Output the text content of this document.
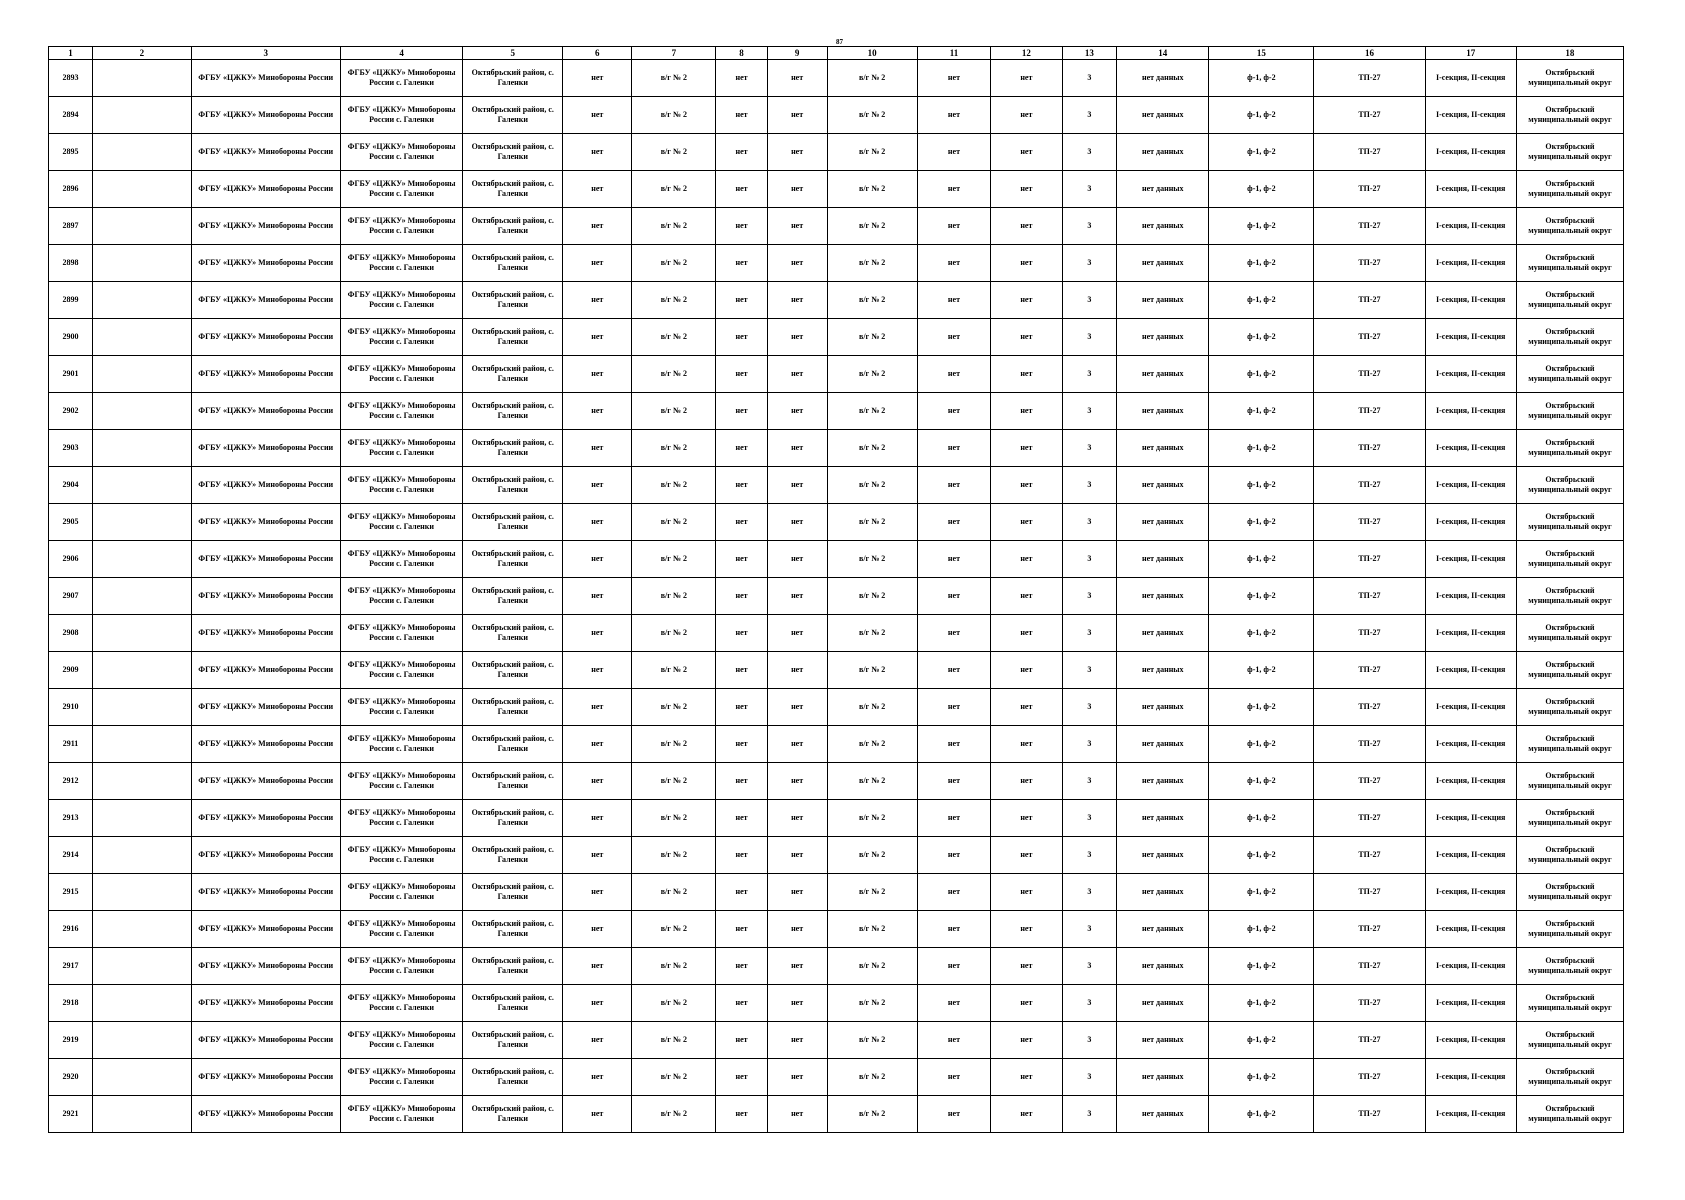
87
1	2	3	4	5	6	7	8	9	10	11	12	13	14	15	16	17	18
2893		ФГБУ «ЦЖКУ» Минобороны России	ФГБУ «ЦЖКУ» Минобороны России с. Галенки	Октябрьский район, с. Галенки	нет	в/г № 2	нет	нет	в/г № 2	нет	нет	3	нет данных	ф-1, ф-2	ТП-27	I-секция, II-секция	Октябрьский муниципальный округ
2894		ФГБУ «ЦЖКУ» Минобороны России	ФГБУ «ЦЖКУ» Минобороны России с. Галенки	Октябрьский район, с. Галенки	нет	в/г № 2	нет	нет	в/г № 2	нет	нет	3	нет данных	ф-1, ф-2	ТП-27	I-секция, II-секция	Октябрьский муниципальный округ
2895		ФГБУ «ЦЖКУ» Минобороны России	ФГБУ «ЦЖКУ» Минобороны России с. Галенки	Октябрьский район, с. Галенки	нет	в/г № 2	нет	нет	в/г № 2	нет	нет	3	нет данных	ф-1, ф-2	ТП-27	I-секция, II-секция	Октябрьский муниципальный округ
2896		ФГБУ «ЦЖКУ» Минобороны России	ФГБУ «ЦЖКУ» Минобороны России с. Галенки	Октябрьский район, с. Галенки	нет	в/г № 2	нет	нет	в/г № 2	нет	нет	3	нет данных	ф-1, ф-2	ТП-27	I-секция, II-секция	Октябрьский муниципальный округ
2897		ФГБУ «ЦЖКУ» Минобороны России	ФГБУ «ЦЖКУ» Минобороны России с. Галенки	Октябрьский район, с. Галенки	нет	в/г № 2	нет	нет	в/г № 2	нет	нет	3	нет данных	ф-1, ф-2	ТП-27	I-секция, II-секция	Октябрьский муниципальный округ
2898		ФГБУ «ЦЖКУ» Минобороны России	ФГБУ «ЦЖКУ» Минобороны России с. Галенки	Октябрьский район, с. Галенки	нет	в/г № 2	нет	нет	в/г № 2	нет	нет	3	нет данных	ф-1, ф-2	ТП-27	I-секция, II-секция	Октябрьский муниципальный округ
2899		ФГБУ «ЦЖКУ» Минобороны России	ФГБУ «ЦЖКУ» Минобороны России с. Галенки	Октябрьский район, с. Галенки	нет	в/г № 2	нет	нет	в/г № 2	нет	нет	3	нет данных	ф-1, ф-2	ТП-27	I-секция, II-секция	Октябрьский муниципальный округ
2900		ФГБУ «ЦЖКУ» Минобороны России	ФГБУ «ЦЖКУ» Минобороны России с. Галенки	Октябрьский район, с. Галенки	нет	в/г № 2	нет	нет	в/г № 2	нет	нет	3	нет данных	ф-1, ф-2	ТП-27	I-секция, II-секция	Октябрьский муниципальный округ
2901		ФГБУ «ЦЖКУ» Минобороны России	ФГБУ «ЦЖКУ» Минобороны России с. Галенки	Октябрьский район, с. Галенки	нет	в/г № 2	нет	нет	в/г № 2	нет	нет	3	нет данных	ф-1, ф-2	ТП-27	I-секция, II-секция	Октябрьский муниципальный округ
2902		ФГБУ «ЦЖКУ» Минобороны России	ФГБУ «ЦЖКУ» Минобороны России с. Галенки	Октябрьский район, с. Галенки	нет	в/г № 2	нет	нет	в/г № 2	нет	нет	3	нет данных	ф-1, ф-2	ТП-27	I-секция, II-секция	Октябрьский муниципальный округ
2903		ФГБУ «ЦЖКУ» Минобороны России	ФГБУ «ЦЖКУ» Минобороны России с. Галенки	Октябрьский район, с. Галенки	нет	в/г № 2	нет	нет	в/г № 2	нет	нет	3	нет данных	ф-1, ф-2	ТП-27	I-секция, II-секция	Октябрьский муниципальный округ
2904		ФГБУ «ЦЖКУ» Минобороны России	ФГБУ «ЦЖКУ» Минобороны России с. Галенки	Октябрьский район, с. Галенки	нет	в/г № 2	нет	нет	в/г № 2	нет	нет	3	нет данных	ф-1, ф-2	ТП-27	I-секция, II-секция	Октябрьский муниципальный округ
2905		ФГБУ «ЦЖКУ» Минобороны России	ФГБУ «ЦЖКУ» Минобороны России с. Галенки	Октябрьский район, с. Галенки	нет	в/г № 2	нет	нет	в/г № 2	нет	нет	3	нет данных	ф-1, ф-2	ТП-27	I-секция, II-секция	Октябрьский муниципальный округ
2906		ФГБУ «ЦЖКУ» Минобороны России	ФГБУ «ЦЖКУ» Минобороны России с. Галенки	Октябрьский район, с. Галенки	нет	в/г № 2	нет	нет	в/г № 2	нет	нет	3	нет данных	ф-1, ф-2	ТП-27	I-секция, II-секция	Октябрьский муниципальный округ
2907		ФГБУ «ЦЖКУ» Минобороны России	ФГБУ «ЦЖКУ» Минобороны России с. Галенки	Октябрьский район, с. Галенки	нет	в/г № 2	нет	нет	в/г № 2	нет	нет	3	нет данных	ф-1, ф-2	ТП-27	I-секция, II-секция	Октябрьский муниципальный округ
2908		ФГБУ «ЦЖКУ» Минобороны России	ФГБУ «ЦЖКУ» Минобороны России с. Галенки	Октябрьский район, с. Галенки	нет	в/г № 2	нет	нет	в/г № 2	нет	нет	3	нет данных	ф-1, ф-2	ТП-27	I-секция, II-секция	Октябрьский муниципальный округ
2909		ФГБУ «ЦЖКУ» Минобороны России	ФГБУ «ЦЖКУ» Минобороны России с. Галенки	Октябрьский район, с. Галенки	нет	в/г № 2	нет	нет	в/г № 2	нет	нет	3	нет данных	ф-1, ф-2	ТП-27	I-секция, II-секция	Октябрьский муниципальный округ
2910		ФГБУ «ЦЖКУ» Минобороны России	ФГБУ «ЦЖКУ» Минобороны России с. Галенки	Октябрьский район, с. Галенки	нет	в/г № 2	нет	нет	в/г № 2	нет	нет	3	нет данных	ф-1, ф-2	ТП-27	I-секция, II-секция	Октябрьский муниципальный округ
2911		ФГБУ «ЦЖКУ» Минобороны России	ФГБУ «ЦЖКУ» Минобороны России с. Галенки	Октябрьский район, с. Галенки	нет	в/г № 2	нет	нет	в/г № 2	нет	нет	3	нет данных	ф-1, ф-2	ТП-27	I-секция, II-секция	Октябрьский муниципальный округ
2912		ФГБУ «ЦЖКУ» Минобороны России	ФГБУ «ЦЖКУ» Минобороны России с. Галенки	Октябрьский район, с. Галенки	нет	в/г № 2	нет	нет	в/г № 2	нет	нет	3	нет данных	ф-1, ф-2	ТП-27	I-секция, II-секция	Октябрьский муниципальный округ
2913		ФГБУ «ЦЖКУ» Минобороны России	ФГБУ «ЦЖКУ» Минобороны России с. Галенки	Октябрьский район, с. Галенки	нет	в/г № 2	нет	нет	в/г № 2	нет	нет	3	нет данных	ф-1, ф-2	ТП-27	I-секция, II-секция	Октябрьский муниципальный округ
2914		ФГБУ «ЦЖКУ» Минобороны России	ФГБУ «ЦЖКУ» Минобороны России с. Галенки	Октябрьский район, с. Галенки	нет	в/г № 2	нет	нет	в/г № 2	нет	нет	3	нет данных	ф-1, ф-2	ТП-27	I-секция, II-секция	Октябрьский муниципальный округ
2915		ФГБУ «ЦЖКУ» Минобороны России	ФГБУ «ЦЖКУ» Минобороны России с. Галенки	Октябрьский район, с. Галенки	нет	в/г № 2	нет	нет	в/г № 2	нет	нет	3	нет данных	ф-1, ф-2	ТП-27	I-секция, II-секция	Октябрьский муниципальный округ
2916		ФГБУ «ЦЖКУ» Минобороны России	ФГБУ «ЦЖКУ» Минобороны России с. Галенки	Октябрьский район, с. Галенки	нет	в/г № 2	нет	нет	в/г № 2	нет	нет	3	нет данных	ф-1, ф-2	ТП-27	I-секция, II-секция	Октябрьский муниципальный округ
2917		ФГБУ «ЦЖКУ» Минобороны России	ФГБУ «ЦЖКУ» Минобороны России с. Галенки	Октябрьский район, с. Галенки	нет	в/г № 2	нет	нет	в/г № 2	нет	нет	3	нет данных	ф-1, ф-2	ТП-27	I-секция, II-секция	Октябрьский муниципальный округ
2918		ФГБУ «ЦЖКУ» Минобороны России	ФГБУ «ЦЖКУ» Минобороны России с. Галенки	Октябрьский район, с. Галенки	нет	в/г № 2	нет	нет	в/г № 2	нет	нет	3	нет данных	ф-1, ф-2	ТП-27	I-секция, II-секция	Октябрьский муниципальный округ
2919		ФГБУ «ЦЖКУ» Минобороны России	ФГБУ «ЦЖКУ» Минобороны России с. Галенки	Октябрьский район, с. Галенки	нет	в/г № 2	нет	нет	в/г № 2	нет	нет	3	нет данных	ф-1, ф-2	ТП-27	I-секция, II-секция	Октябрьский муниципальный округ
2920		ФГБУ «ЦЖКУ» Минобороны России	ФГБУ «ЦЖКУ» Минобороны России с. Галенки	Октябрьский район, с. Галенки	нет	в/г № 2	нет	нет	в/г № 2	нет	нет	3	нет данных	ф-1, ф-2	ТП-27	I-секция, II-секция	Октябрьский муниципальный округ
2921		ФГБУ «ЦЖКУ» Минобороны России	ФГБУ «ЦЖКУ» Минобороны России с. Галенки	Октябрьский район, с. Галенки	нет	в/г № 2	нет	нет	в/г № 2	нет	нет	3	нет данных	ф-1, ф-2	ТП-27	I-секция, II-секция	Октябрьский муниципальный округ
